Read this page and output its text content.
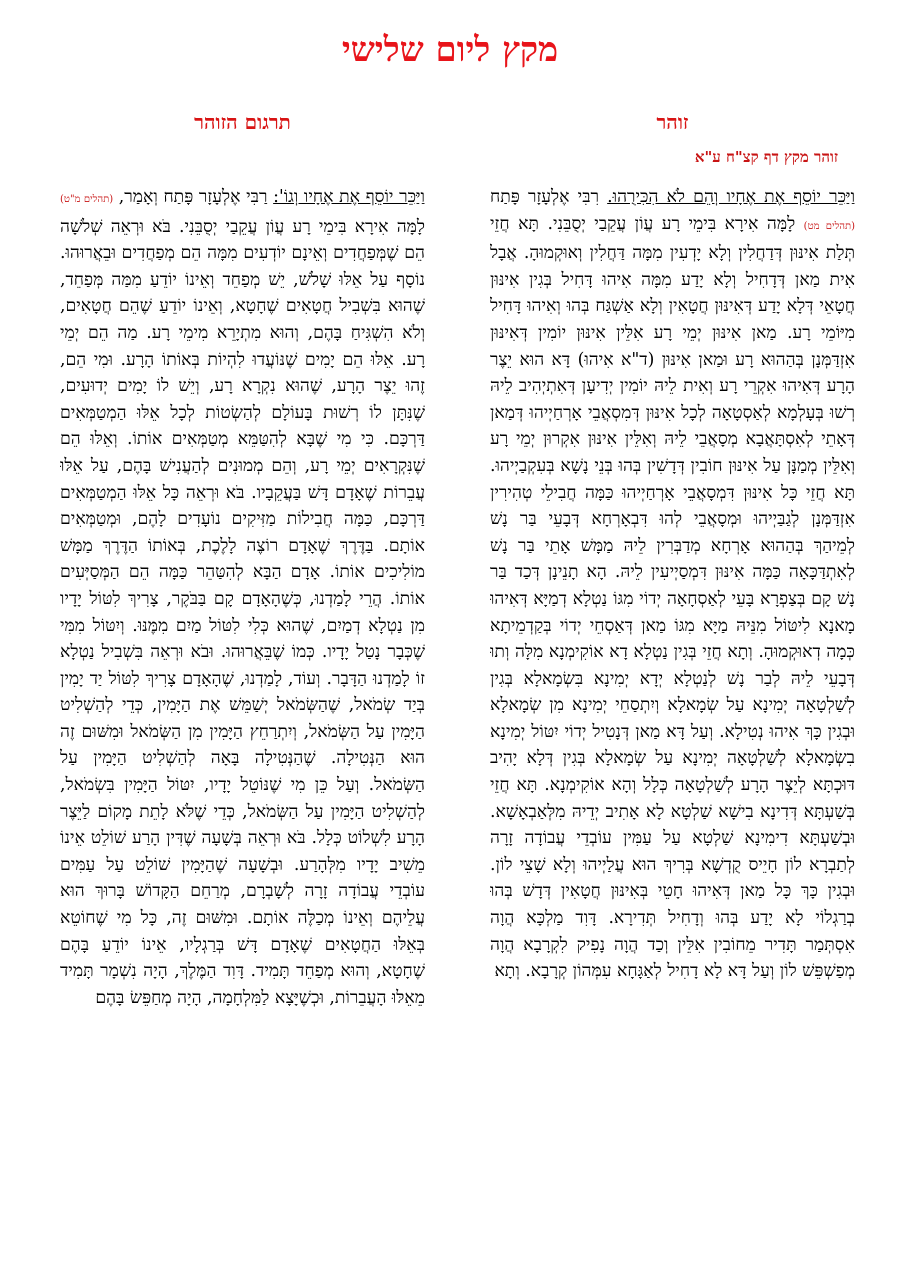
מקץ ליום שלישי
זוהר
תרגום הזוהר
זוהר מקץ דף קצ"ח ע"א
וַיַּכֵּר יוֹסֵף אֶת אֶחָיו וְהֵם לֹא הִכִּירֻהוּ. רִבִּי אֶלְעָזָר פָּתַח (תהלים מט) לָמָּה אִירָא בִּימֵי רָע עֲוֹן עֲקֵבַי יְסֻבֵּנִי. תָּא חֲזֵי תְּלַת אִינּוּן דְּדַחֲלִין וְלָא יָדְעִין מִמָּה דַּחֲלִין וְאוּקְמוּהָ. אֲבָל אִית מַאן דְּדָחִיל וְלָא יָדַע מִמָּה אִיהוּ דָּחִיל בְּגִין אִינּוּן חֲטָאֵי דְּלָא יָדַע דְּאִינּוּן חֲטָאִין וְלָא אַשְׁגַּח בְּהוּ וְאִיהוּ דָּחִיל מִיּוֹמֵי רָע. מַאן אִינּוּן יְמֵי רָע אִלֵּין אִינּוּן יוֹמִין דְּאִינּוּן אִזְדַּמְּנָן בְּהַהוּא רָע וּמַאן אִינּוּן (ד"א אִיהוּ) דָּא הוּא יֵצֶר הָרָע דְּאִיהוּ אִקְרֵי רָע וְאִית לֵיהּ יוֹמִין יְדִיעָן דְּאִתְיְהִיב לֵיהּ רְשׁוּ בְּעָלְמָא לְאַסְטָאָה לְכָל אִינּוּן דְּמִסְאֲבֵי אָרְחַיְיהוּ דְּמַאן דְּאָתֵי לְאִסְתָּאֲבָא מְסָאֲבֵי לֵיהּ וְאִלֵּין אִינּוּן אִקְרוּן יְמֵי רָע וְאִלֵּין מְמַנָּן עַל אִינּוּן חוֹבִין דְּדָשִׁין בְּהוּ בְּנֵי נָשָׁא בְּעִקְבַיְיהוּ. תָּא חֲזֵי כָּל אִינּוּן דִּמְסָאֲבֵי אָרְחַיְיהוּ כַּמָּה חֲבִילֵי טְהִירִין אִזְדַּמְּנָן לְגַבַּיְיהוּ וּמְסָאֲבֵי לְהוּ דִּבְאָרְחָא דְּבָעֵי בַּר נָשׁ לְמֵיהַךְ בְּהַהוּא אָרְחָא מְדַבְּרִין לֵיהּ מַמָּשׁ אָתֵי בַּר נָשׁ לְאִתְדַּכָּאָה כַּמָּה אִינּוּן דִּמְסַיְיעִין לֵיהּ. הָא תָנֵינָן דְּכַד בַּר נָשׁ קָם בְּצַפְרָא בָּעֵי לְאַסְחָאָה יְדוֹי מִגּוֹ נַטְלָא דְמַיָּא דְּאִיהוּ מָאנָא לִיטּוֹל מִנֵּיהּ מַיָּא מִגּוֹ מַאן דְּאַסְחֵי יְדוֹי בְּקַדְמֵיתָא כְּמָה דְאוּקְמוּהָ. וְתָא חֲזֵי בְּגִין נַטְלָא דָא אוֹקִימְנָא מִלָּה וְתוּ דְּבָעֵי לֵיהּ לְבַר נָשׁ לְנַטְלָא יְדָא יְמִינָא בִּשְׂמָאלָא בְּגִין לְשַׁלְטָאָה יְמִינָא עַל שְׂמָאלָא וְיִתְסַחֵי יְמִינָא מִן שְׂמָאלָא וּבְגִין כָּךְ אִיהוּ נְטִילָא. וְעַל דָּא מַאן דְּנָטִיל יְדוֹי יִטּוֹל יְמִינָא בִשְׂמָאלָא לְשַׁלְטָאָה יְמִינָא עַל שְׂמָאלָא בְּגִין דְּלָא יָהִיב דּוּכְתָּא לְיֵצֶר הָרָע לְשַׁלְטָאָה כְּלָל וְהָא אוֹקִימְנָא. תָּא חֲזֵי בְּשַׁעְתָּא דְּדִינָא בִישָׁא שַׁלְטָא לָא אָתִיב יְדֵיהּ מִלְּאַבְאָשָׁא. וּבְשַׁעְתָּא דִימִינָא שַׁלְטָא עַל עַמִּין עוֹבְדֵי עֲבוֹדָה זָרָה לְתַבְרָא לוֹן חָיֵיס קֻדְשָׁא בְּרִיךְ הוּא עֲלַיְיהוּ וְלָא שָׁצֵי לוֹן. וּבְגִין כָּךְ כָּל מַאן דְּאִיהוּ חָטֵי בְּאִינּוּן חֲטָאִין דְּדָשׁ בְּהוּ בְרַגְלוֹי לָא יָדַע בְּהוּ וְדָחִיל תְּדִירָא. דָּוִד מַלְכָּא הֲוָה אִסְתְּמַר תָּדִיר מֵחוֹבִין אִלֵּין וְכַד הֲוָה נָפִיק לִקְרָבָא הֲוָה מְפַשְׁפֵּשׁ לוֹן וְעַל דָּא לָא דָחִיל לְאַגָּחָא עִמְּהוֹן קְרָבָא. וְתָא
וַיַּכֵּר יוֹסֵף אֶת אֶחָיו וְגוֹ': רַבִּי אֶלְעָזָר פָּתַח וְאָמַר, (תהלים מ"ט) לָמָּה אִירָא בִּימֵי רָע עֲוֹן עֲקֵבַי יְסֻבֵּנִי. בֹּא וּרְאֵה שְׁלֹשָׁה הֵם שֶׁמְּפַחֲדִים וְאֵינָם יוֹדְעִים מִמָּה הֵם מְפַחֲדִים וּבֵאֲרוּהוּ. נוֹסָף עַל אֵלּוּ שָׁלֹשׁ, יֵשׁ מְפַחֵד וְאֵינוֹ יוֹדֵעַ מִמַּה מְּפַחֵד, שֶׁהוּא בִּשְׁבִיל חֲטָאִים שֶׁחָטָא, וְאֵינוֹ יוֹדֵעַ שֶׁהֵם חֲטָאִים, וְלֹא הִשְׁגִּיחַ בָּהֶם, וְהוּא מִתְיָרֵא מִימֵי רָע. מַה הֵם יְמֵי רָע. אֵלּוּ הֵם יָמִים שֶׁנּוֹעֲדוּ לִהְיוֹת בְּאוֹתוֹ הָרָע. וּמִי הֵם, זֶהוּ יֵצֶר הָרָע, שֶׁהוּא נִקְרָא רָע, וְיֵשׁ לוֹ יָמִים יְדוּעִים, שֶׁנִּתָּן לוֹ רְשׁוּת בָּעוֹלָם לְהַשְׂטוֹת לְכָל אֵלּוּ הַמְטַמְּאִים דַּרְכָּם. כִּי מִי שֶׁבָּא לְהִטַּמֵּא מְטַמְּאִים אוֹתוֹ. וְאֵלּוּ הֵם שֶׁנִּקְרָאִים יְמֵי רָע, וְהֵם מְמוּנִים לְהַעֲנִישׁ בָּהֶם, עַל אֵלּוּ עֲבֵרוֹת שֶׁאָדָם דָּשׁ בַּעֲקֵבָיו. בֹּא וּרְאֵה כָּל אֵלּוּ הַמְטַמְּאִים דַּרְכָּם, כַּמָּה חֲבִילוֹת מַזִּיקִים נוֹעָדִים לָהֶם, וּמְטַמְּאִים אוֹתָם. בַּדֶּרֶךְ שֶׁאָדָם רוֹצֶה לָלֶכֶת, בְּאוֹתוֹ הַדֶּרֶךְ מַמָּשׁ מוֹלִיכִים אוֹתוֹ. אָדָם הַבָּא לְהִטַּהֵר כַּמָּה הֵם הַמְּסַיְּעִים אוֹתוֹ. הֲרֵי לָמַדְנוּ, כְּשֶׁהָאָדָם קָם בַּבֹּקֶר, צָרִיךְ לִטּוֹל יָדָיו מִן נַטְלָא דְמַיִם, שֶׁהוּא כְּלִי לִטּוֹל מַיִם מִמֶּנּוּ. וְיִטּוֹל מִמִּי שֶׁכְּבָר נָטַל יָדָיו. כְּמוֹ שֶׁבֵּאֲרוּהוּ. וּבֹא וּרְאֵה בִּשְׁבִיל נַטְלָא זוֹ לָמַדְנוּ הַדָּבָר. וְעוֹד, לָמַדְנוּ, שֶׁהָאָדָם צָרִיךְ לִטּוֹל יַד יָמִין בְּיַד שְׂמֹאל, שֶׁהַשְּׂמֹאל יְשַׁמֵּשׁ אֶת הַיָּמִין, כְּדֵי לְהַשְׁלִיט הַיָּמִין עַל הַשְּׂמֹאל, וְיִתְרַחֵץ הַיָּמִין מִן הַשְּׂמֹאל וּמִשּׁוּם זֶה הוּא הַנְּטִילָה. שֶׁהַנְּטִילָה בָּאָה לְהַשְׁלִיט הַיָּמִין עַל הַשְּׂמֹאל. וְעַל כֵּן מִי שֶׁנּוֹטֵל יָדָיו, יִטּוֹל הַיָּמִין בִּשְׂמֹאל, לְהַשְׁלִיט הַיָּמִין עַל הַשְּׂמֹאל, כְּדֵי שֶׁלֹּא לָתֵת מָקוֹם לַיֵּצֶר הָרָע לִשְׁלוֹט כְּלָל. בֹּא וּרְאֵה בְּשָׁעָה שֶׁדִּין הָרַע שׁוֹלֵט אֵינוֹ מֵשִׁיב יָדָיו מִלְּהָרַע. וּבְשָׁעָה שֶׁהַיָּמִין שׁוֹלֵט עַל עַמִּים עוֹבְדֵי עֲבוֹדָה זָרָה לְשָׁבְרָם, מְרַחֵם הַקָּדוֹשׁ בָּרוּךְ הוּא עֲלֵיהֶם וְאֵינוֹ מְכַלֶּה אוֹתָם. וּמִשּׁוּם זֶה, כָּל מִי שֶׁחוֹטֵא בְּאֵלּוּ הַחֲטָאִים שֶׁאָדָם דָּשׁ בְּרַגְלָיו, אֵינוֹ יוֹדֵעַ בָּהֶם שֶׁחָטָא, וְהוּא מְפַחֵד תָּמִיד. דָּוִד הַמֶּלֶךְ, הָיָה נִשְׁמָר תָּמִיד מֵאֵלּוּ הָעֲבֵרוֹת, וּכְשֶׁיָּצָא לַמִּלְחָמָה, הָיָה מְחַפֵּשׂ בָּהֶם
